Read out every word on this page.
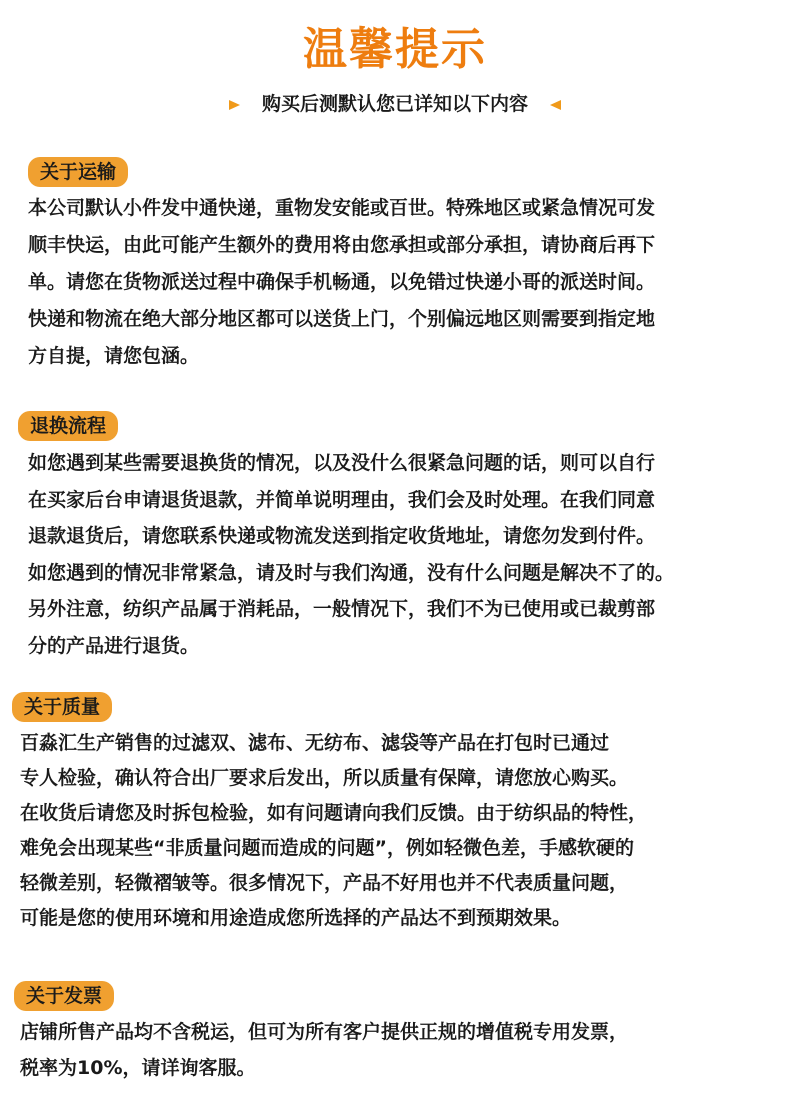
温馨提示
购买后测默认您已详知以下内容
关于运输

本公司默认小件发中通快递，重物发安能或百世。特殊地区或紧急情况可发

顺丰快运，由此可能产生额外的费用将由您承担或部分承担，请协商后再下

单。请您在货物派送过程中确保手机畅通，以免错过快递小哥的派送时间。

快递和物流在绝大部分地区都可以送货上门，个别偏远地区则需要到指定地

方自提，请您包涵。

退换流程

如您遇到某些需要退换货的情况，以及没什么很紧急问题的话，则可以自行

在买家后台申请退货退款，并简单说明理由，我们会及时处理。在我们同意

退款退货后，请您联系快递或物流发送到指定收货地址，请您勿发到付件。

如您遇到的情况非常紧急，请及时与我们沟通，没有什么问题是解决不了的。

另外注意，纺织产品属于消耗品，一般情况下，我们不为已使用或已裁剪部

分的产品进行退货。

关于质量

百淼汇生产销售的过滤双、滤布、无纺布、滤袋等产品在打包时已通过

专人检验，确认符合出厂要求后发出，所以质量有保障，请您放心购买。

在收货后请您及时拆包检验，如有问题请向我们反馈。由于纺织品的特性，

难免会出现某些“非质量问题而造成的问题”，例如轻微色差，手感软硬的

轻微差别，轻微褶皱等。很多情况下，产品不好用也并不代表质量问题，

可能是您的使用环境和用途造成您所选择的产品达不到预期效果。

关于发票

店铺所售产品均不含税运，但可为所有客户提供正规的增值税专用发票，

税率为10%，请详询客服。
